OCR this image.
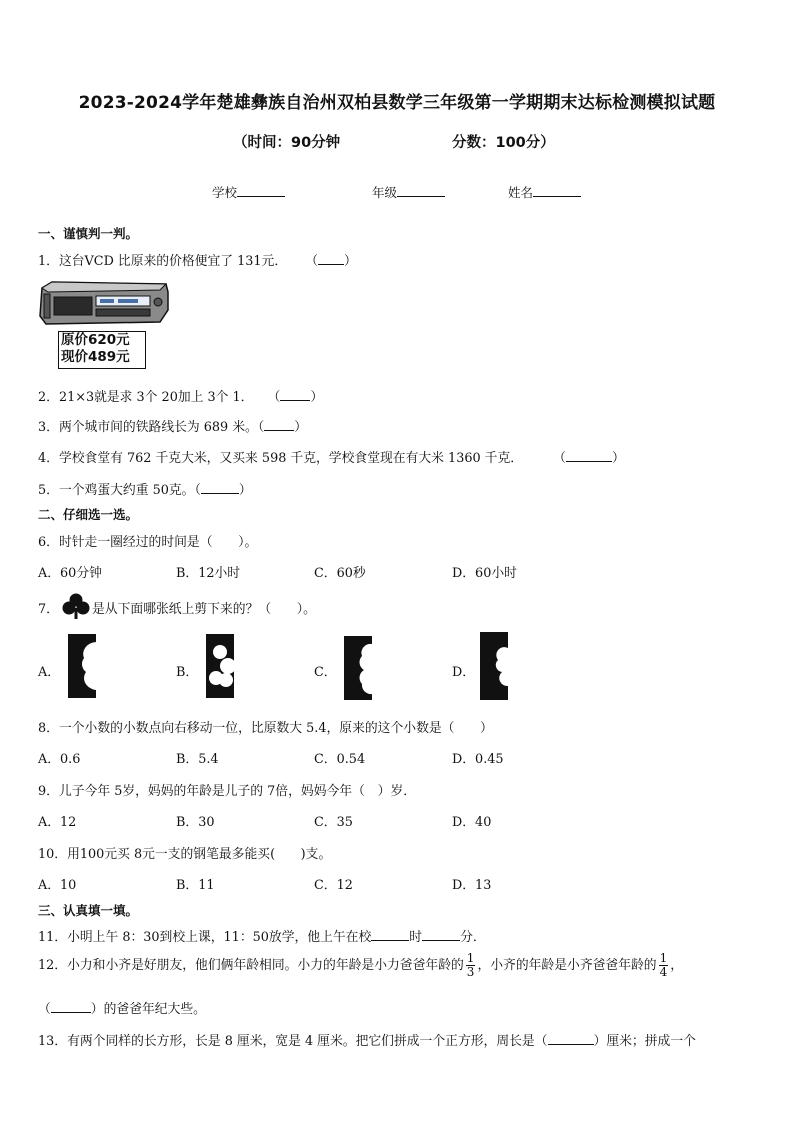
2023-2024学年楚雄彝族自治州双柏县数学三年级第一学期期末达标检测模拟试题
（时间：90分钟	分数：100分）
学校	年级	姓名
一、谨慎判一判。
1．这台VCD 比原来的价格便宜了 131元． （ ）
原价620元
现价489元
2．21×3就是求 3个 20加上 3个 1． （ ）
3．两个城市间的铁路线长为 689 米。（ ）
4．学校食堂有 762 千克大米，又买来 598 千克，学校食堂现在有大米 1360 千克． （	）
5．一个鸡蛋大约重 50克。（	）
二、仔细选一选。
6．时针走一圈经过的时间是（　　）。
A．60分钟	B．12小时	C．60秒	D．60小时
7．	是从下面哪张纸上剪下来的？（　　）。
A．	B．	C．	D．
8．一个小数的小数点向右移动一位，比原数大 5.4，原来的这个小数是（　　）
A．0.6	B．5.4	C．0.54	D．0.45
9．儿子今年 5岁，妈妈的年龄是儿子的 7倍，妈妈今年（　）岁．
A．12	B．30	C．35	D．40
10．用100元买 8元一支的钢笔最多能买(　　)支。
A．10	B．11	C．12	D．13
三、认真填一填。
11．小明上午 8：30到校上课，11：50放学，他上午在校	时	分．
12．小力和小齐是好朋友，他们俩年龄相同。小力的年龄是小力爸爸年龄的 $\frac{1}{3}$ ，小齐的年龄是小齐爸爸年龄的 $\frac{1}{4}$ ，
（	）的爸爸年纪大些。
13．有两个同样的长方形，长是 8 厘米，宽是 4 厘米。把它们拼成一个正方形，周长是（	）厘米；拼成一个
